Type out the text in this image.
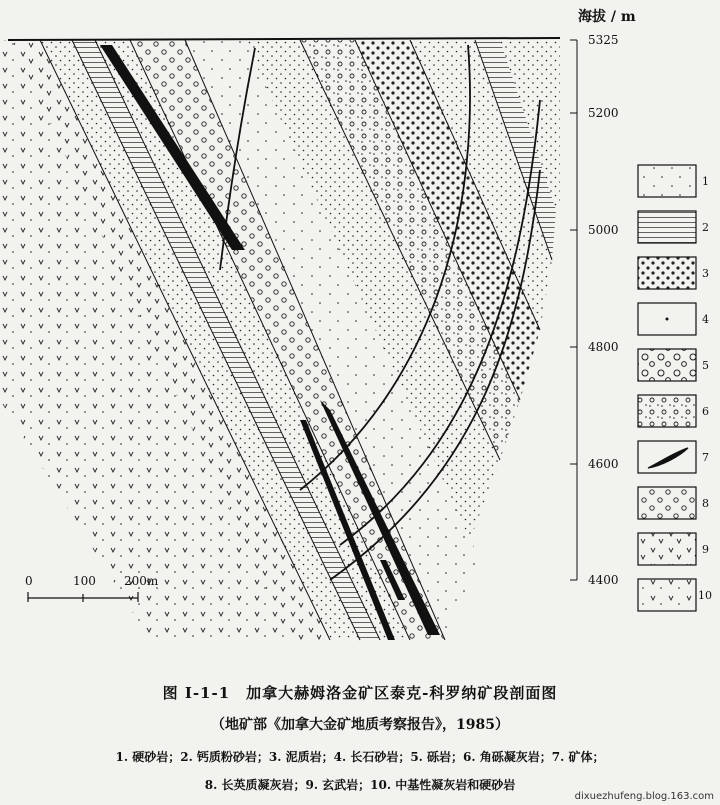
海拔 / m
5325
5200
5000
4800
4600
4400
1
2
3
4
5
6
7
8
9
10
0	100 200m
图 I-1-1　加拿大赫姆洛金矿区泰克-科罗纳矿段剖面图
（地矿部《加拿大金矿地质考察报告》，1985）
1. 硬砂岩；2. 钙质粉砂岩；3. 泥质岩；4. 长石砂岩；5. 砾岩；6. 角砾凝灰岩；7. 矿体；
8. 长英质凝灰岩；9. 玄武岩；10. 中基性凝灰岩和硬砂岩
dixuezhufeng.blog.163.com
